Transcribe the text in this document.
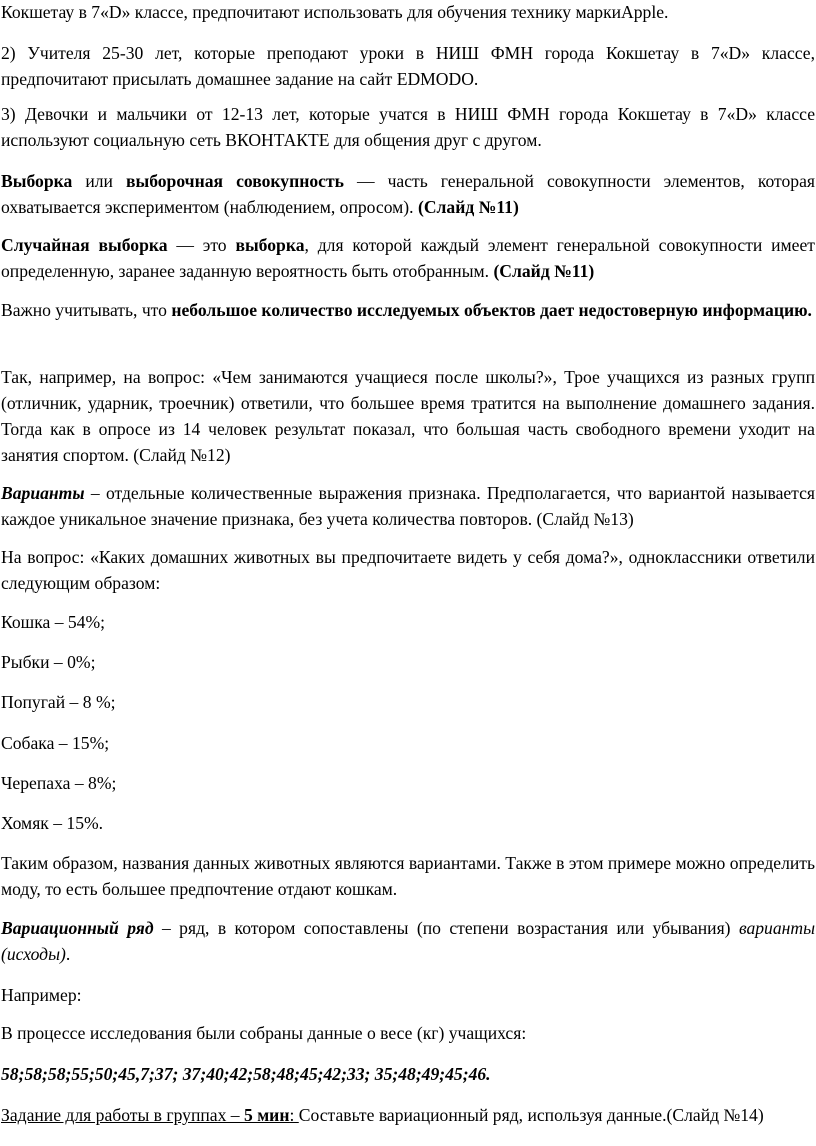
Кокшетау в 7«D» классе, предпочитают использовать для обучения технику маркиApple.

2) Учителя 25-30 лет, которые преподают уроки в НИШ ФМН города Кокшетау в 7«D» классе, предпочитают присылать домашнее задание на сайт EDMODO.

3) Девочки и мальчики от 12-13 лет, которые учатся в НИШ ФМН города Кокшетау в 7«D» классе используют социальную сеть ВКОНТАКТЕ для общения друг с другом.

Выборка или выборочная совокупность — часть генеральной совокупности элементов, которая охватывается экспериментом (наблюдением, опросом). (Слайд №11)

Случайная выборка — это выборка, для которой каждый элемент генеральной совокупности имеет определенную, заранее заданную вероятность быть отобранным. (Слайд №11)

Важно учитывать, что небольшое количество исследуемых объектов дает недостоверную информацию.

Так, например, на вопрос: «Чем занимаются учащиеся после школы?», Трое учащихся из разных групп (отличник, ударник, троечник) ответили, что большее время тратится на выполнение домашнего задания. Тогда как в опросе из 14 человек результат показал, что большая часть свободного времени уходит на занятия спортом. (Слайд №12)

Варианты – отдельные количественные выражения признака. Предполагается, что вариантой называется каждое уникальное значение признака, без учета количества повторов. (Слайд №13)

На вопрос: «Каких домашних животных вы предпочитаете видеть у себя дома?», одноклассники ответили следующим образом:

Кошка – 54%;

Рыбки – 0%;

Попугай – 8 %;

Собака – 15%;

Черепаха – 8%;

Хомяк – 15%.

Таким образом, названия данных животных являются вариантами. Также в этом примере можно определить моду, то есть большее предпочтение отдают кошкам.

Вариационный ряд – ряд, в котором сопоставлены (по степени возрастания или убывания) варианты (исходы).

Например:

В процессе исследования были собраны данные о весе (кг) учащихся:

58;58;58;55;50;45,7;37; 37;40;42;58;48;45;42;33; 35;48;49;45;46.

Задание для работы в группах – 5 мин: Составьте вариационный ряд, используя данные.(Слайд №14)
